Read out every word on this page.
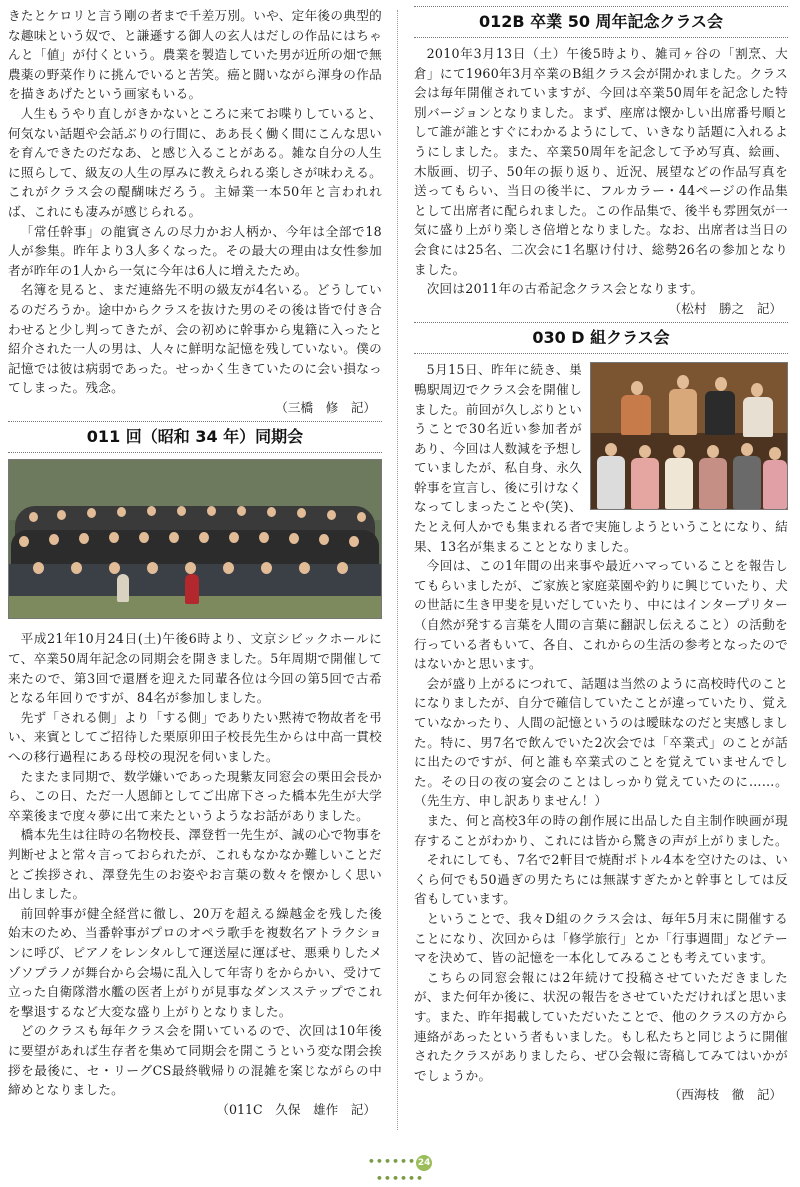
きたとケロリと言う剛の者まで千差万別。いや、定年後の典型的な趣味という奴で、と謙遜する御人の玄人はだしの作品にはちゃんと「値」が付くという。農業を製造していた男が近所の畑で無農薬の野菜作りに挑んでいると苦笑。癌と闘いながら渾身の作品を描きあげたという画家もいる。

人生もうやり直しがきかないところに来てお喋りしていると、何気ない話題や会話ぶりの行間に、ああ長く働く間にこんな思いを育んできたのだなあ、と感じ入ることがある。雑な自分の人生に照らして、級友の人生の厚みに教えられる楽しさが味わえる。これがクラス会の醍醐味だろう。主婦業一本50年と言われれば、これにも凄みが感じられる。

「常任幹事」の龍賓さんの尽力かお人柄か、今年は全部で18人が参集。昨年より3人多くなった。その最大の理由は女性参加者が昨年の1人から一気に今年は6人に増えたため。

名簿を見ると、まだ連絡先不明の級友が4名いる。どうしているのだろうか。途中からクラスを抜けた男のその後は皆で付き合わせると少し判ってきたが、会の初めに幹事から鬼籍に入ったと紹介された一人の男は、人々に鮮明な記憶を残していない。僕の記憶では彼は病弱であった。せっかく生きていたのに会い損なってしまった。残念。

（三橋　修　記）

011 回（昭和 34 年）同期会

平成21年10月24日(土)午後6時より、文京シビックホールにて、卒業50周年記念の同期会を開きました。5年周期で開催して来たので、第3回で還暦を迎えた同輩各位は今回の第5回で古希となる年回りですが、84名が参加しました。

先ず「される側」より「する側」でありたい黙祷で物故者を弔い、来賓としてご招待した栗原卯田子校長先生からは中高一貫校への移行過程にある母校の現況を伺いました。

たまたま同期で、数学嫌いであった現紫友同窓会の栗田会長から、この日、ただ一人恩師としてご出席下さった橋本先生が大学卒業後まで度々夢に出て来たというようなお話がありました。

橋本先生は往時の名物校長、澤登哲一先生が、誠の心で物事を判断せよと常々言っておられたが、これもなかなか難しいことだとご挨拶され、澤登先生のお姿やお言葉の数々を懐かしく思い出しました。

前回幹事が健全経営に徹し、20万を超える繰越金を残した後始末のため、当番幹事がプロのオペラ歌手を複数名アトラクションに呼び、ピアノをレンタルして運送屋に運ばせ、悪乗りしたメゾソプラノが舞台から会場に乱入して年寄りをからかい、受けて立った自衛隊潜水艦の医者上がりが見事なダンスステップでこれを撃退するなど大変な盛り上がりとなりました。

どのクラスも毎年クラス会を開いているので、次回は10年後に要望があれば生存者を集めて同期会を開こうという変な閉会挨拶を最後に、セ・リーグCS最終戦帰りの混雑を案じながらの中締めとなりました。

（011C　久保　雄作　記）

012B 卒業 50 周年記念クラス会

2010年3月13日（土）午後5時より、雑司ヶ谷の「割烹、大倉」にて1960年3月卒業のB組クラス会が開かれました。クラス会は毎年開催されていますが、今回は卒業50周年を記念した特別バージョンとなりました。まず、座席は懐かしい出席番号順として誰が誰とすぐにわかるようにして、いきなり話題に入れるようにしました。また、卒業50周年を記念して予め写真、絵画、木版画、切子、50年の振り返り、近況、展望などの作品写真を送ってもらい、当日の後半に、フルカラー・44ページの作品集として出席者に配られました。この作品集で、後半も雰囲気が一気に盛り上がり楽しさ倍増となりました。なお、出席者は当日の会食には25名、二次会に1名駆け付け、総勢26名の参加となりました。

次回は2011年の古希記念クラス会となります。

（松村　勝之　記）

030 D 組クラス会

5月15日、昨年に続き、巣鴨駅周辺でクラス会を開催しました。前回が久しぶりということで30名近い参加者があり、今回は人数減を予想していましたが、私自身、永久幹事を宣言し、後に引けなくなってしまったことや(笑)、たとえ何人かでも集まれる者で実施しようということになり、結果、13名が集まることとなりました。

今回は、この1年間の出来事や最近ハマっていることを報告してもらいましたが、ご家族と家庭菜園や釣りに興じていたり、犬の世話に生き甲斐を見いだしていたり、中にはインタープリター（自然が発する言葉を人間の言葉に翻訳し伝えること）の活動を行っている者もいて、各自、これからの生活の参考となったのではないかと思います。

会が盛り上がるにつれて、話題は当然のように高校時代のことになりましたが、自分で確信していたことが違っていたり、覚えていなかったり、人間の記憶というのは曖昧なのだと実感しました。特に、男7名で飲んでいた2次会では「卒業式」のことが話に出たのですが、何と誰も卒業式のことを覚えていませんでした。その日の夜の宴会のことはしっかり覚えていたのに……。（先生方、申し訳ありません！）

また、何と高校3年の時の創作展に出品した自主制作映画が現存することがわかり、これには皆から驚きの声が上がりました。

それにしても、7名で2軒目で焼酎ボトル4本を空けたのは、いくら何でも50過ぎの男たちには無謀すぎたかと幹事としては反省もしています。

ということで、我々D組のクラス会は、毎年5月末に開催することになり、次回からは「修学旅行」とか「行事週間」などテーマを決めて、皆の記憶を一本化してみることも考えています。

こちらの同窓会報には2年続けて投稿させていただきましたが、また何年か後に、状況の報告をさせていただければと思います。また、昨年掲載していただいたことで、他のクラスの方から連絡があったという者もいました。もし私たちと同じように開催されたクラスがありましたら、ぜひ会報に寄稿してみてはいかがでしょうか。

（西海枝　徹　記）

•••••• 24••••••
